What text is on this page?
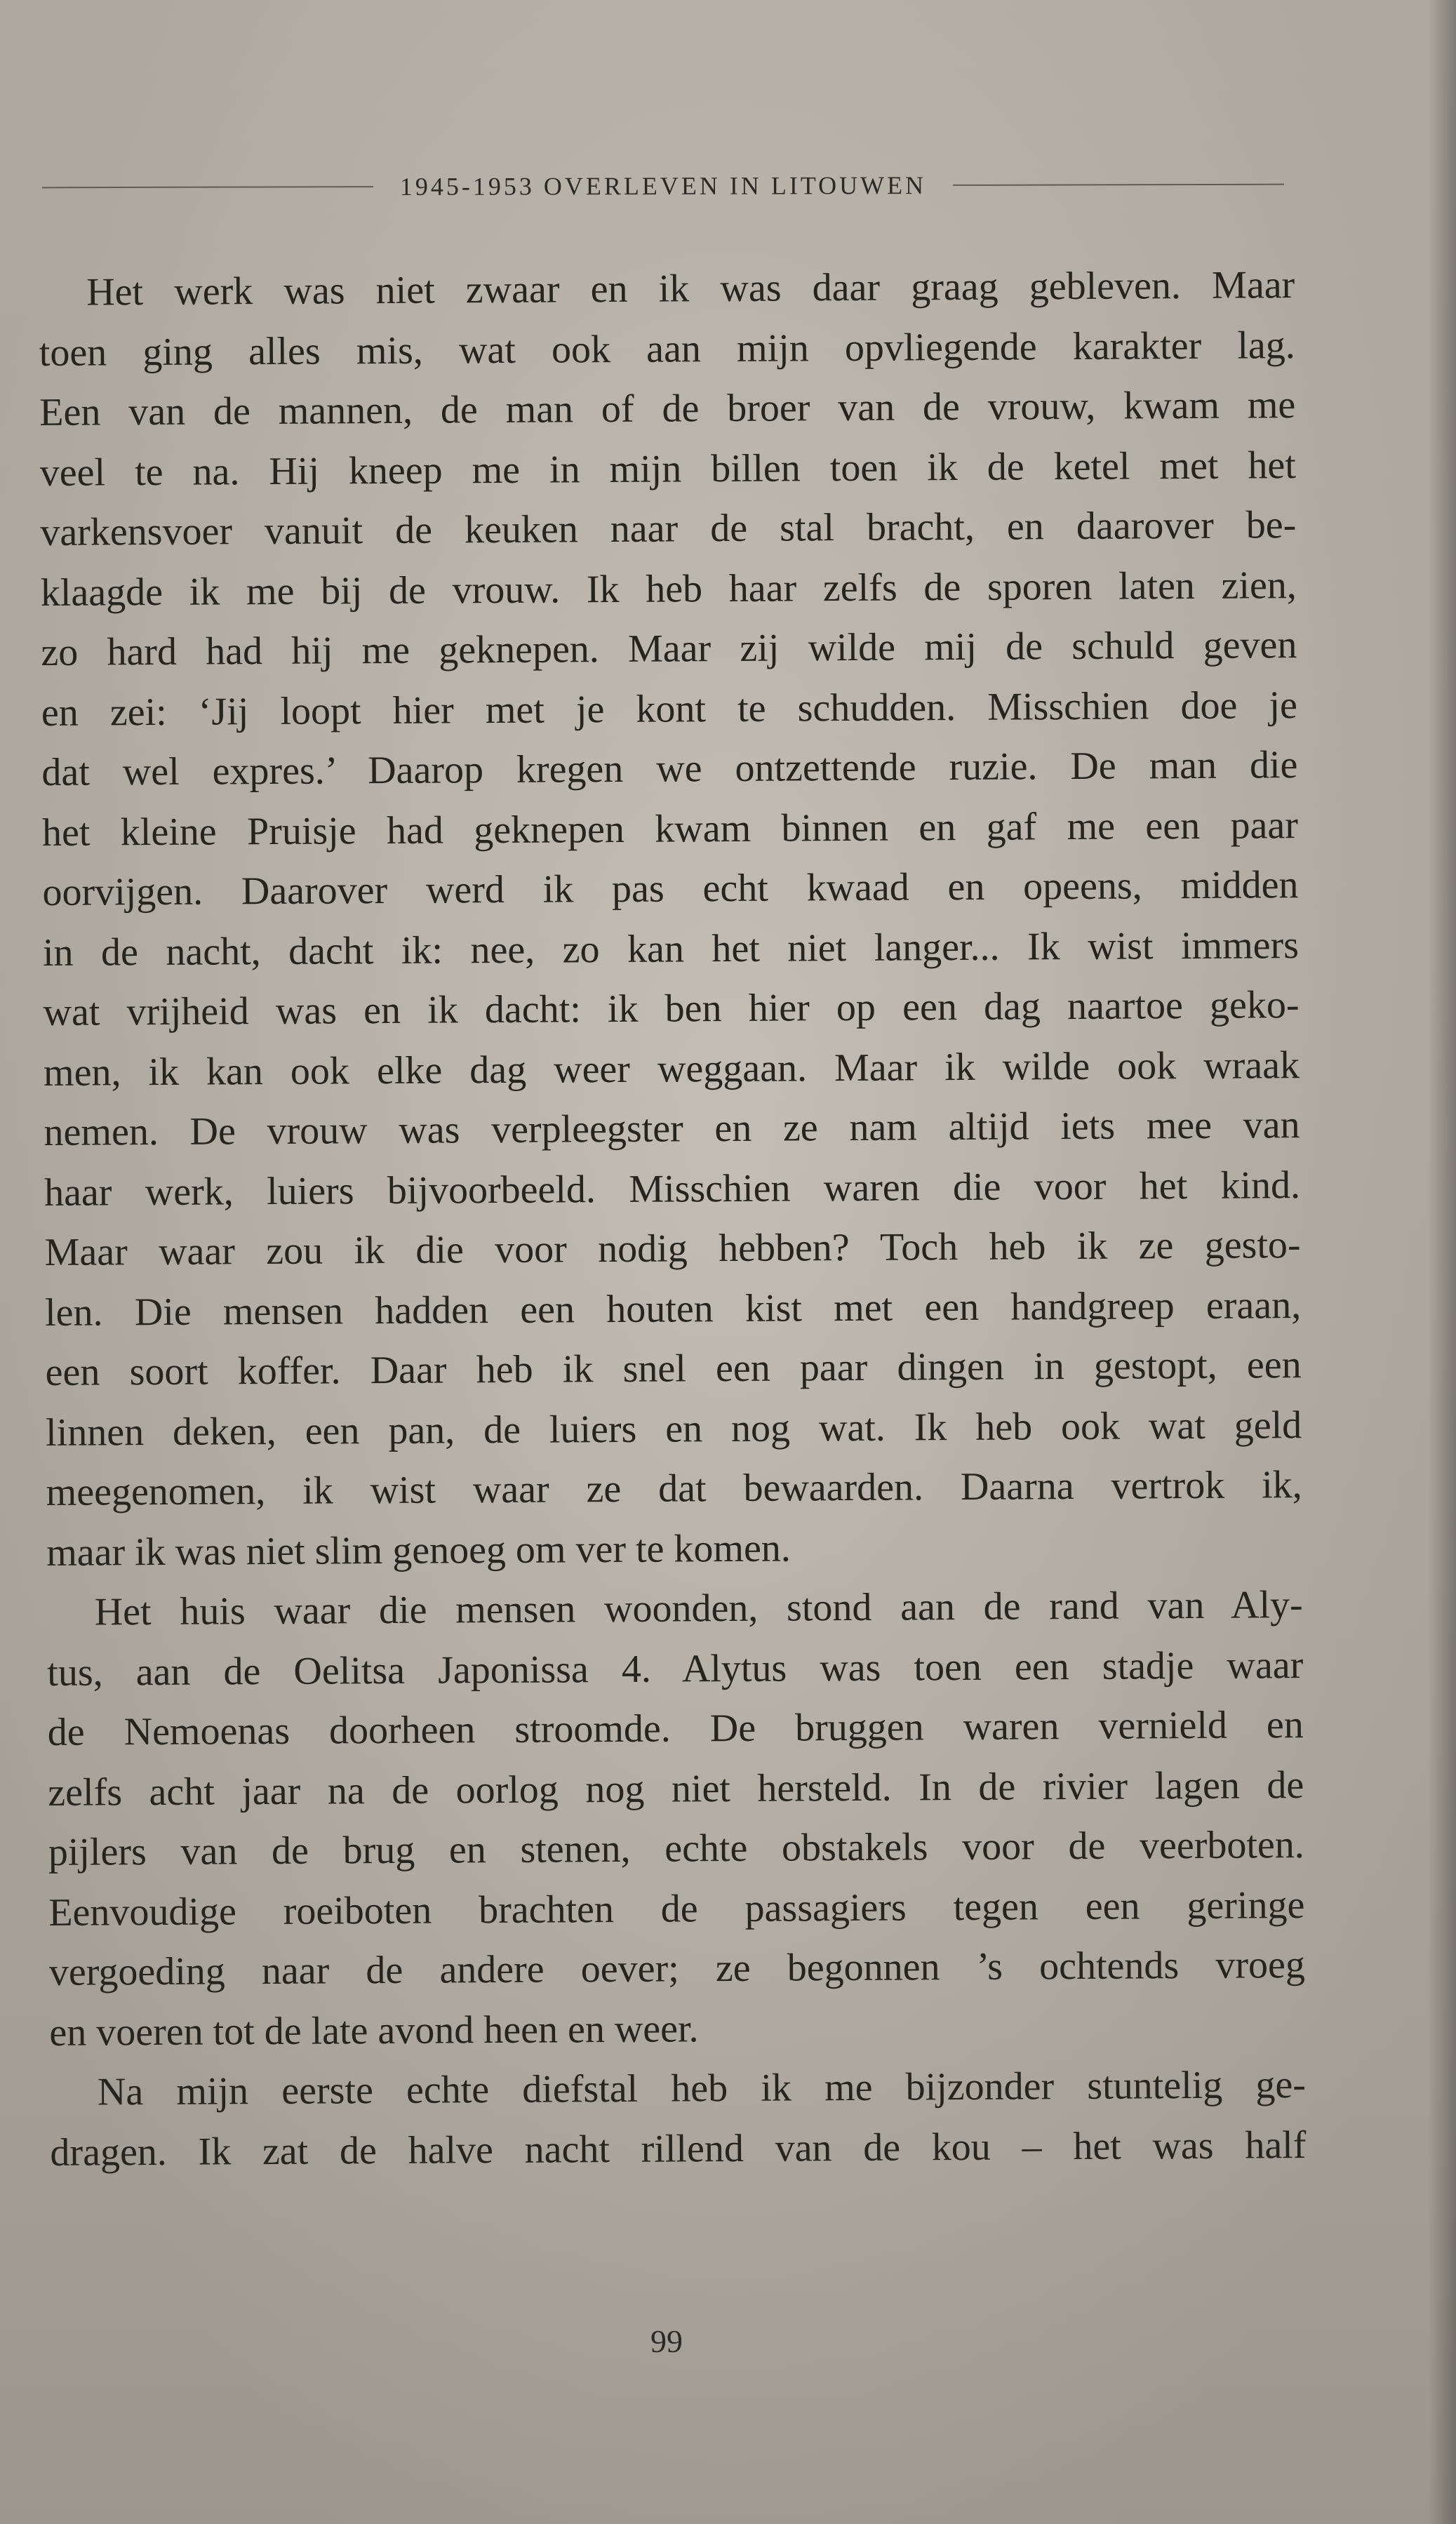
1945-1953 OVERLEVEN IN LITOUWEN

Het werk was niet zwaar en ik was daar graag gebleven. Maar
toen ging alles mis, wat ook aan mijn opvliegende karakter lag.
Een van de mannen, de man of de broer van de vrouw, kwam me
veel te na. Hij kneep me in mijn billen toen ik de ketel met het
varkensvoer vanuit de keuken naar de stal bracht, en daarover be-
klaagde ik me bij de vrouw. Ik heb haar zelfs de sporen laten zien,
zo hard had hij me geknepen. Maar zij wilde mij de schuld geven
en zei: ‘Jij loopt hier met je kont te schudden. Misschien doe je
dat wel expres.’ Daarop kregen we ontzettende ruzie. De man die
het kleine Pruisje had geknepen kwam binnen en gaf me een paar
oorvijgen. Daarover werd ik pas echt kwaad en opeens, midden
in de nacht, dacht ik: nee, zo kan het niet langer... Ik wist immers
wat vrijheid was en ik dacht: ik ben hier op een dag naartoe geko-
men, ik kan ook elke dag weer weggaan. Maar ik wilde ook wraak
nemen. De vrouw was verpleegster en ze nam altijd iets mee van
haar werk, luiers bijvoorbeeld. Misschien waren die voor het kind.
Maar waar zou ik die voor nodig hebben? Toch heb ik ze gesto-
len. Die mensen hadden een houten kist met een handgreep eraan,
een soort koffer. Daar heb ik snel een paar dingen in gestopt, een
linnen deken, een pan, de luiers en nog wat. Ik heb ook wat geld
meegenomen, ik wist waar ze dat bewaarden. Daarna vertrok ik,
maar ik was niet slim genoeg om ver te komen.

Het huis waar die mensen woonden, stond aan de rand van Aly-
tus, aan de Oelitsa Japonissa 4. Alytus was toen een stadje waar
de Nemoenas doorheen stroomde. De bruggen waren vernield en
zelfs acht jaar na de oorlog nog niet hersteld. In de rivier lagen de
pijlers van de brug en stenen, echte obstakels voor de veerboten.
Eenvoudige roeiboten brachten de passagiers tegen een geringe
vergoeding naar de andere oever; ze begonnen ’s ochtends vroeg
en voeren tot de late avond heen en weer.

Na mijn eerste echte diefstal heb ik me bijzonder stuntelig ge-
dragen. Ik zat de halve nacht rillend van de kou – het was half

99
